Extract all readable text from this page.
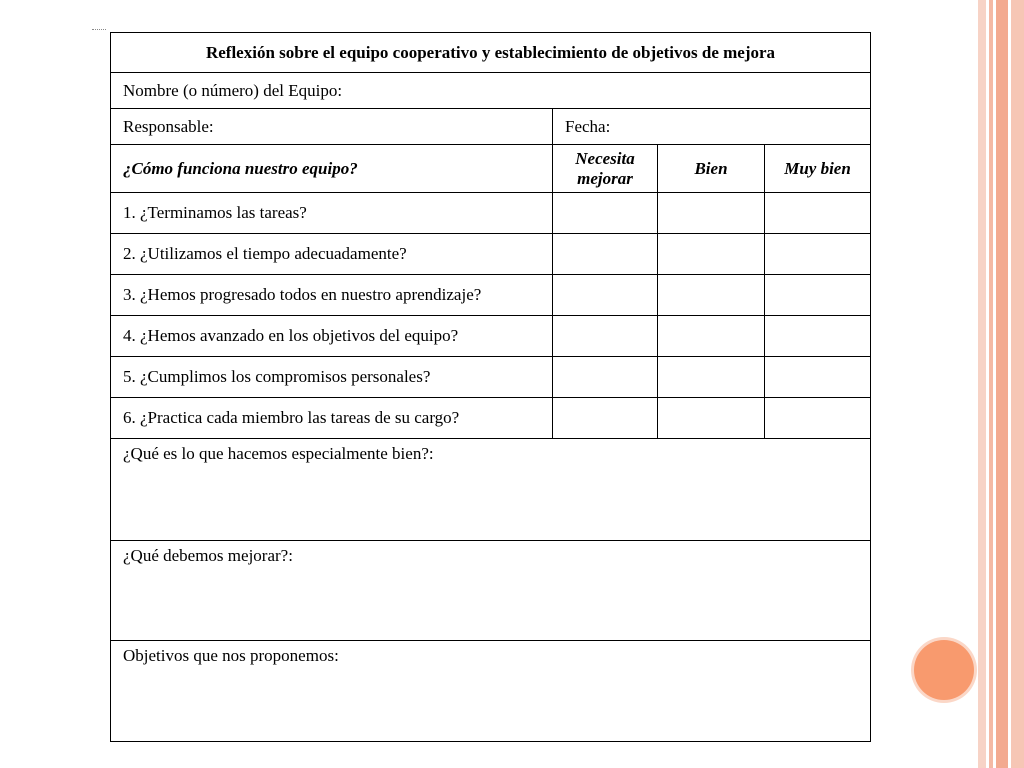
Reflexión sobre el equipo cooperativo y establecimiento de objetivos de mejora			
Nombre (o número) del Equipo:			
Responsable:	Fecha:		
¿Cómo funciona nuestro equipo?	Necesita mejorar	Bien	Muy bien
1. ¿Terminamos las tareas?			
2. ¿Utilizamos el tiempo adecuadamente?			
3. ¿Hemos progresado todos en nuestro aprendizaje?			
4. ¿Hemos avanzado en los objetivos del equipo?			
5. ¿Cumplimos los compromisos personales?			
6. ¿Practica cada miembro las tareas de su cargo?			
¿Qué es lo que hacemos especialmente bien?:			
¿Qué debemos mejorar?:			
Objetivos que nos proponemos:			
